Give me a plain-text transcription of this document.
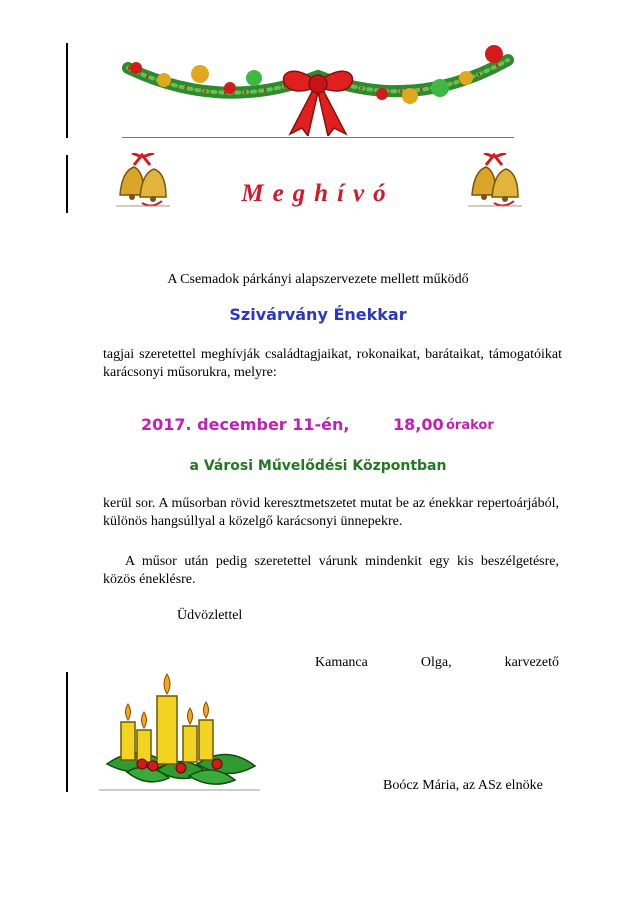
Meghívó
A Csemadok párkányi alapszervezete mellett működő
Szivárvány Énekkar
tagjai szeretettel meghívják családtagjaikat, rokonaikat, barátaikat, támogatóikat karácsonyi műsorukra, melyre:
2017. december 11-én,	18,00 órakor
a Városi Művelődési Központban
kerül sor. A műsorban rövid keresztmetszetet mutat be az énekkar repertoárjából, különös hangsúllyal a közelgő karácsonyi ünnepekre.
A műsor után pedig szeretettel várunk mindenkit egy kis beszélgetésre, közös éneklésre.
Üdvözlettel
Kamanca	Olga,	karvezető
Boócz Mária, az ASz elnöke
